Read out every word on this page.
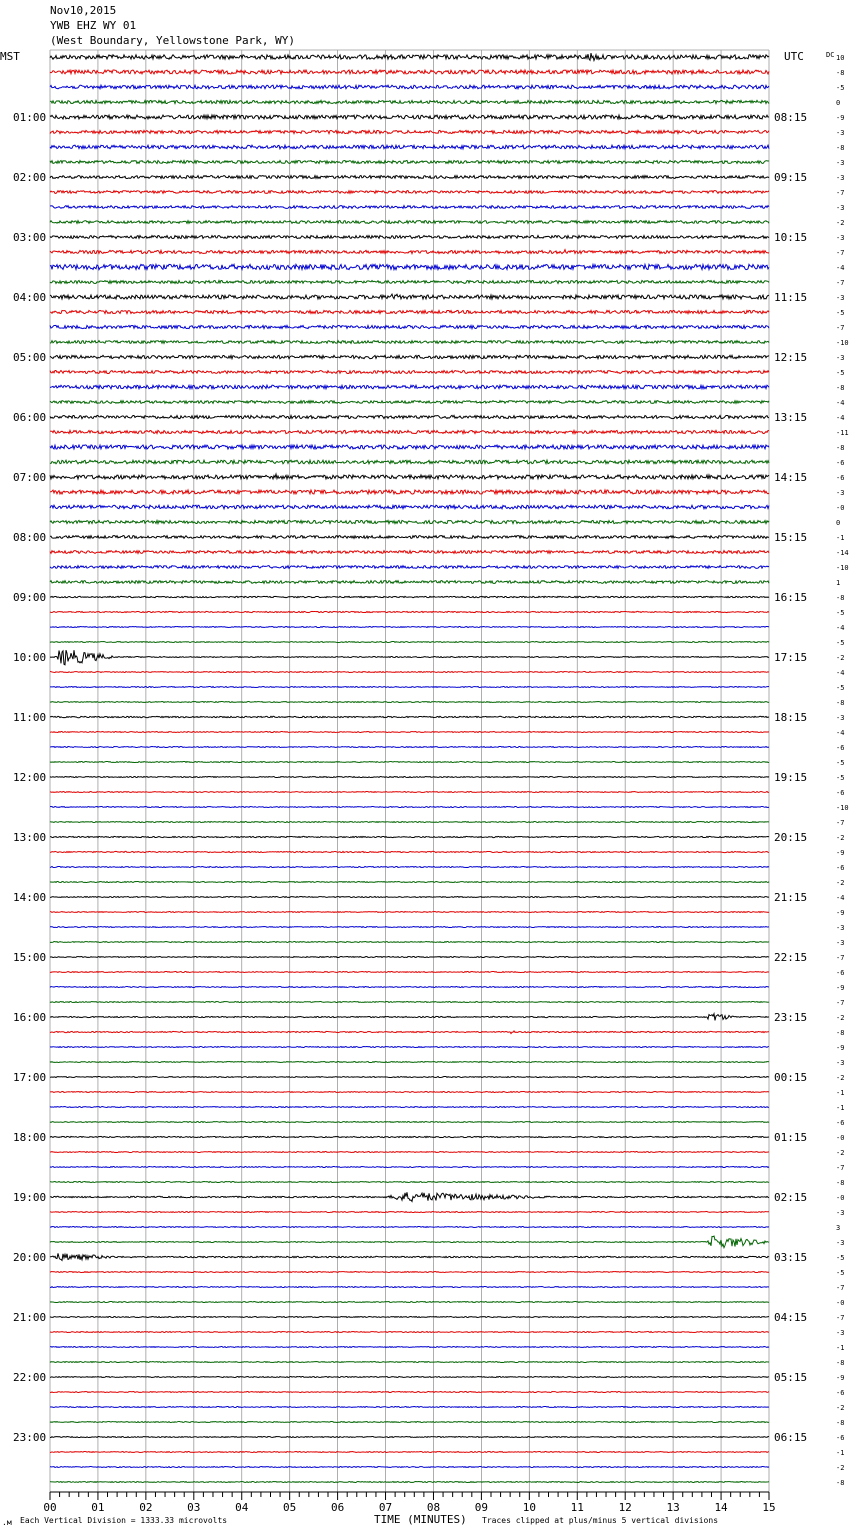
Nov10,2015
YWB EHZ WY 01
(West Boundary, Yellowstone Park, WY)
00	01	02	03	04	05	06	07	08	09	10	11	12	13	14	15
01:00
02:00
03:00
04:00
05:00
06:00
07:00
08:00
09:00
10:00
11:00
12:00
13:00
14:00
15:00
16:00
17:00
18:00
19:00
20:00
21:00
22:00
23:00
08:15
09:15
10:15
11:15
12:15
13:15
14:15
15:15
16:15
17:15
18:15
19:15
20:15
21:15
22:15
23:15
00:15
01:15
02:15
03:15
04:15
05:15
06:15
10
-8
-5
0
-9
-3
-8
-3
-3
-7
-3
-2
-3
-7
-4
-7
-3
-5
-7
-10
-3
-5
-8
-4
-4
-11
-8
-6
-6
-3
-0
0
-1
-14
-10
1
-8
-5
-4
-5
-2
-4
-5
-8
-3
-4
-6
-5
-5
-6
-10
-7
-2
-9
-6
-2
-4
-9
-3
-3
-7
-6
-9
-7
-2
-8
-9
-3
-2
-1
-1
-6
-0
-2
-7
-8
-0
-3
3
-3
-5
-5
-7
-0
-7
-3
-1
-8
-9
-6
-2
-8
-6
-1
-2
-8
MST	UTC	DC
TIME (MINUTES)
Each Vertical Division = 1333.33 microvolts	Traces clipped at plus/minus 5 vertical divisions
.м
